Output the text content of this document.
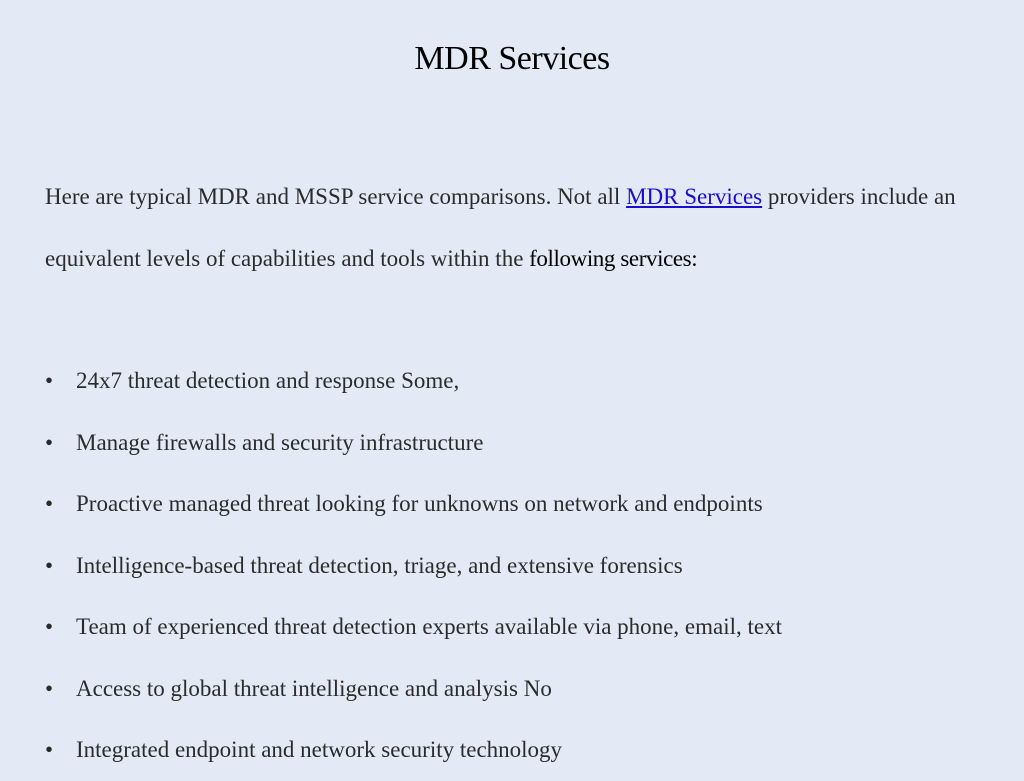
MDR Services

Here are typical MDR and MSSP service comparisons. Not all MDR Services providers include an equivalent levels of capabilities and tools within the following services:

• 24x7 threat detection and response Some,
• Manage firewalls and security infrastructure
• Proactive managed threat looking for unknowns on network and endpoints
• Intelligence-based threat detection, triage, and extensive forensics
• Team of experienced threat detection experts available via phone, email, text
• Access to global threat intelligence and analysis No
• Integrated endpoint and network security technology
